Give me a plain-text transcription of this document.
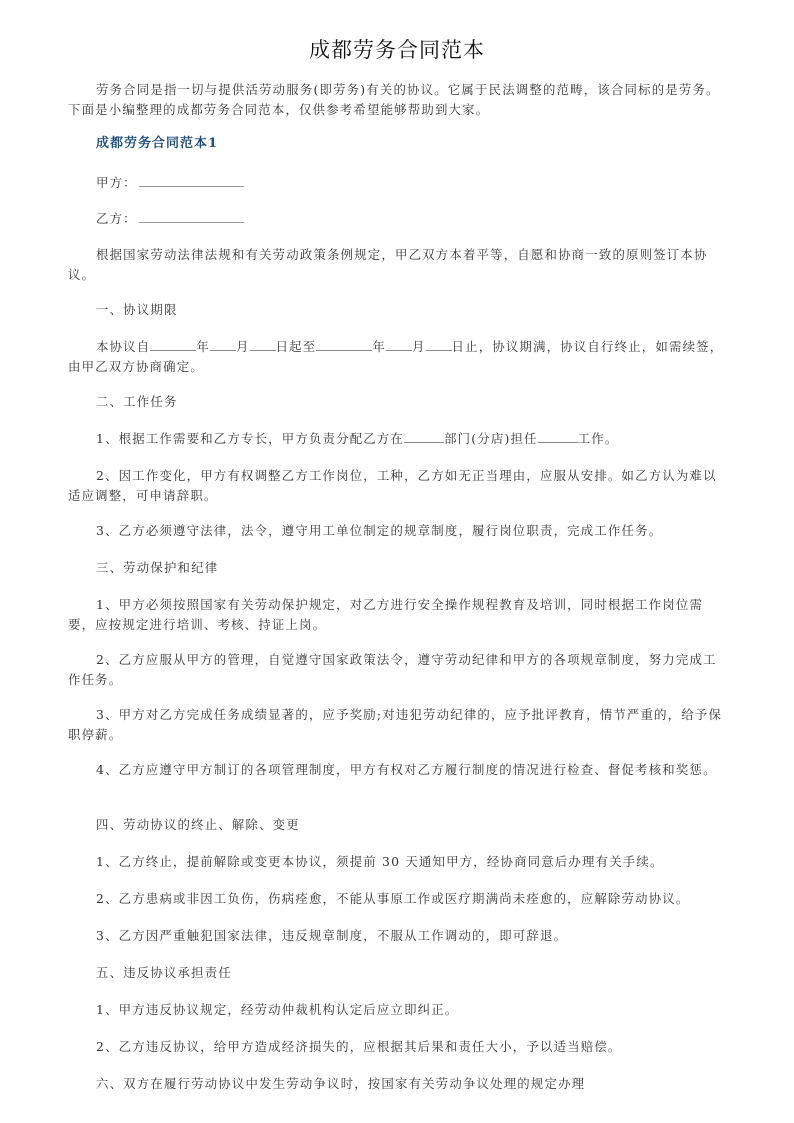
成都劳务合同范本

劳务合同是指一切与提供活劳动服务(即劳务)有关的协议。它属于民法调整的范畴，该合同标的是劳务。下面是小编整理的成都劳务合同范本，仅供参考希望能够帮助到大家。

成都劳务合同范本1

甲方：

乙方：

根据国家劳动法律法规和有关劳动政策条例规定，甲乙双方本着平等，自愿和协商一致的原则签订本协议。

一、协议期限

本协议自	年 月 日起至	年 月 日止，协议期满，协议自行终止，如需续签，由甲乙双方协商确定。

二、工作任务

1、根据工作需要和乙方专长，甲方负责分配乙方在	部门(分店)担任	工作。

2、因工作变化，甲方有权调整乙方工作岗位，工种，乙方如无正当理由，应服从安排。如乙方认为难以适应调整，可申请辞职。

3、乙方必须遵守法律，法令，遵守用工单位制定的规章制度，履行岗位职责，完成工作任务。

三、劳动保护和纪律

1、甲方必须按照国家有关劳动保护规定，对乙方进行安全操作规程教育及培训，同时根据工作岗位需要，应按规定进行培训、考核、持证上岗。

2、乙方应服从甲方的管理，自觉遵守国家政策法令，遵守劳动纪律和甲方的各项规章制度，努力完成工作任务。

3、甲方对乙方完成任务成绩显著的，应予奖励;对违犯劳动纪律的，应予批评教育，情节严重的，给予保职停薪。

4、乙方应遵守甲方制订的各项管理制度，甲方有权对乙方履行制度的情况进行检查、督促考核和奖惩。

四、劳动协议的终止、解除、变更

1、乙方终止，提前解除或变更本协议，须提前 30 天通知甲方，经协商同意后办理有关手续。

2、乙方患病或非因工负伤，伤病痊愈，不能从事原工作或医疗期满尚未痊愈的，应解除劳动协议。

3、乙方因严重触犯国家法律，违反规章制度，不服从工作调动的，即可辞退。

五、违反协议承担责任

1、甲方违反协议规定，经劳动仲裁机构认定后应立即纠正。

2、乙方违反协议，给甲方造成经济损失的，应根据其后果和责任大小，予以适当赔偿。

六、双方在履行劳动协议中发生劳动争议时，按国家有关劳动争议处理的规定办理
